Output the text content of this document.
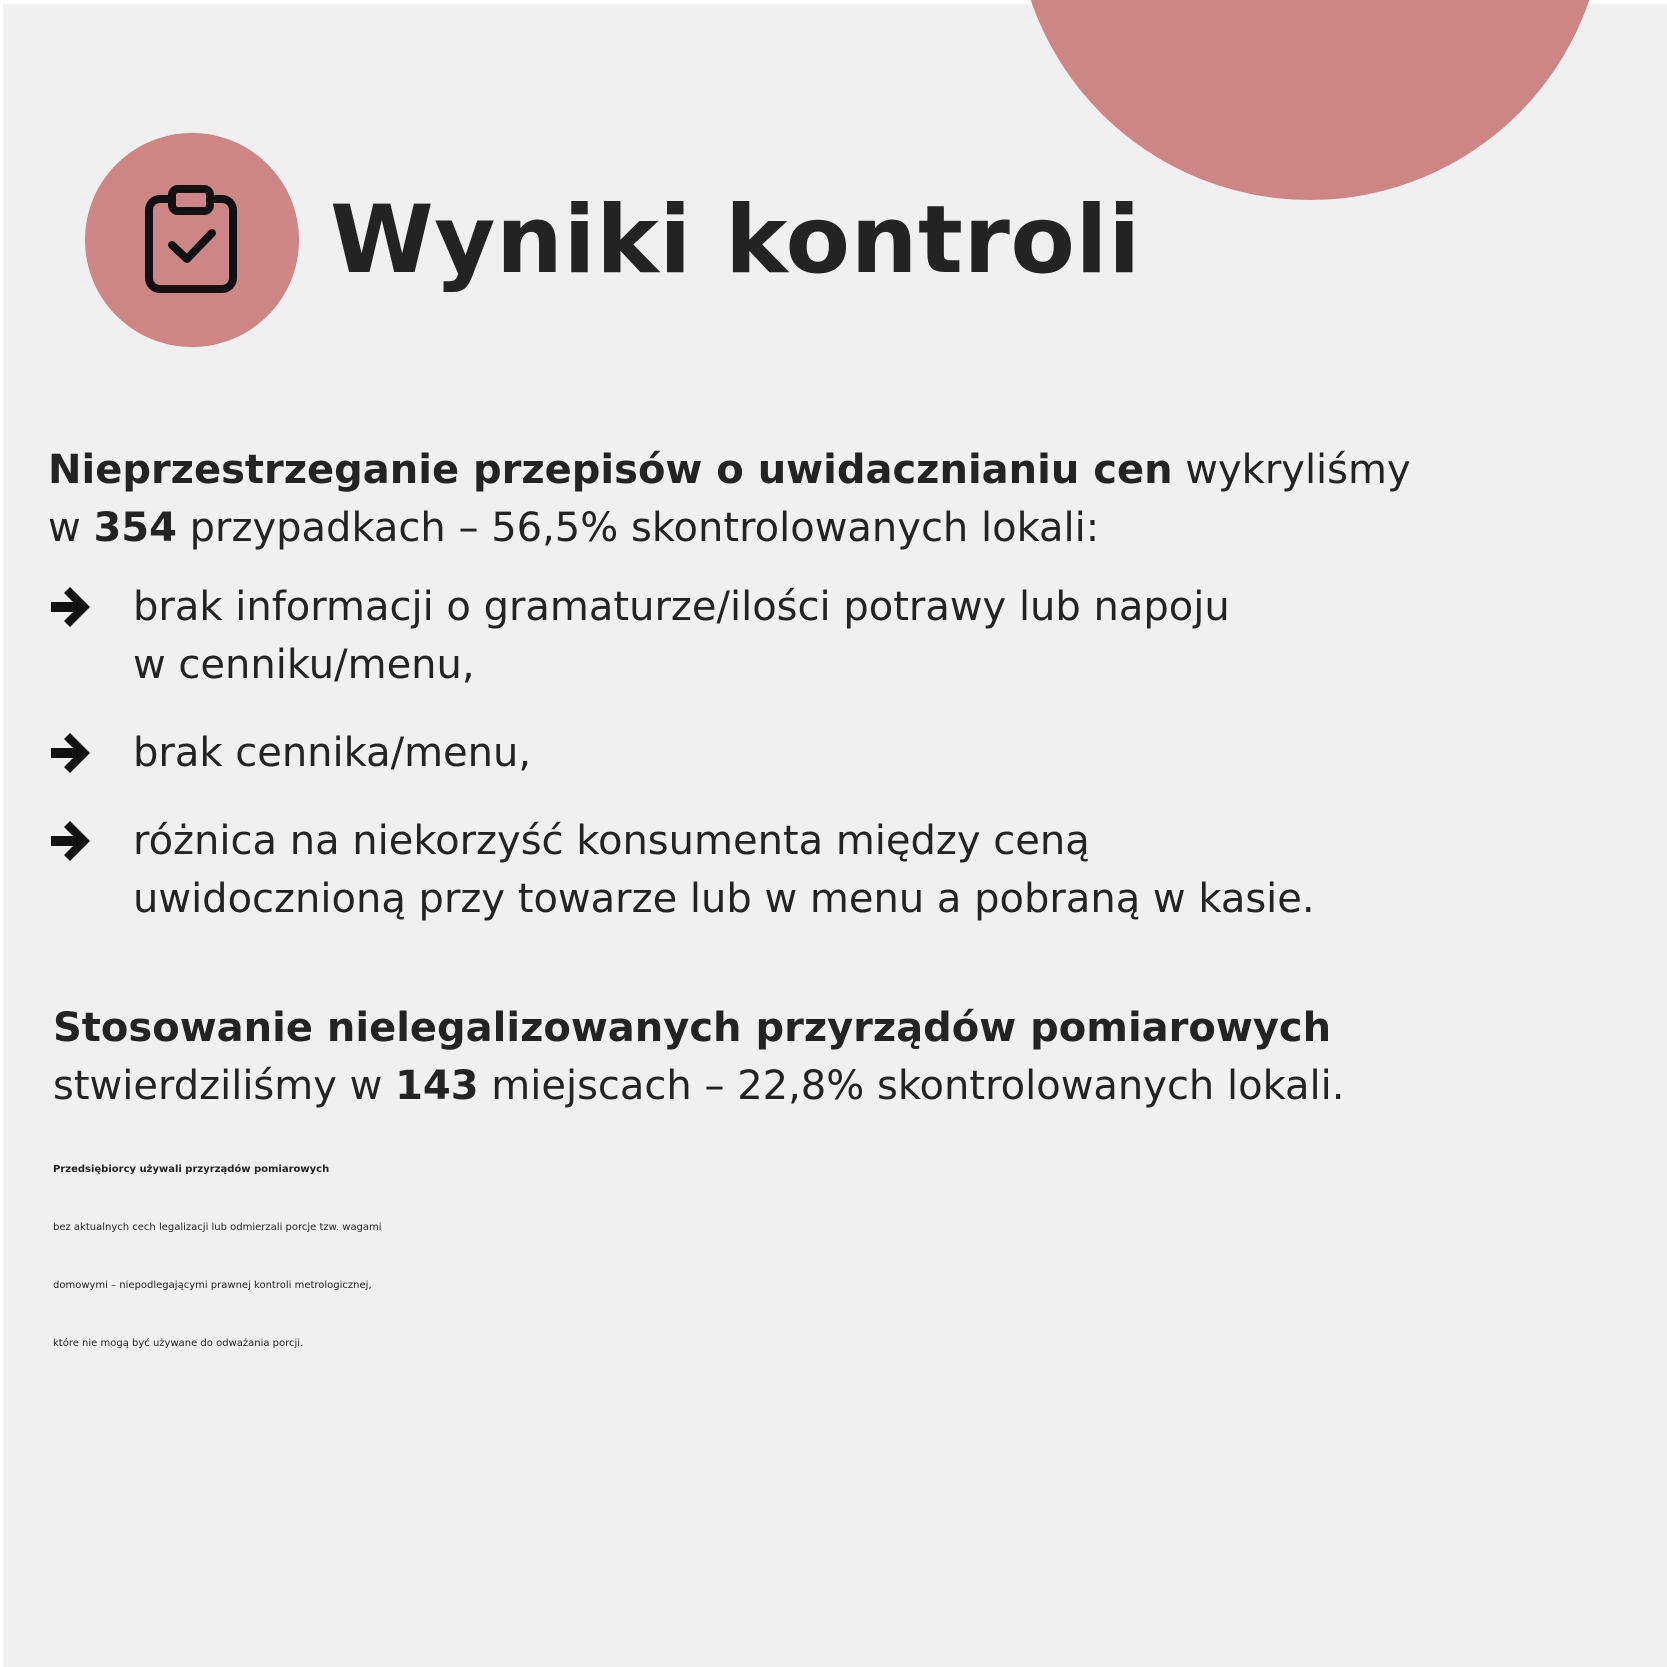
Wyniki kontroli

Nieprzestrzeganie przepisów o uwidacznianiu cen wykryliśmy

w 354 przypadkach – 56,5% skontrolowanych lokali:

brak informacji o gramaturze/ilości potrawy lub napoju

w cenniku/menu,

brak cennika/menu,

różnica na niekorzyść konsumenta między ceną

uwidocznioną przy towarze lub w menu a pobraną w kasie.

Stosowanie nielegalizowanych przyrządów pomiarowych

stwierdziliśmy w 143 miejscach – 22,8% skontrolowanych lokali.

Przedsiębiorcy używali przyrządów pomiarowych

bez aktualnych cech legalizacji lub odmierzali porcje tzw. wagami

domowymi – niepodlegającymi prawnej kontroli metrologicznej,

które nie mogą być używane do odważania porcji.
